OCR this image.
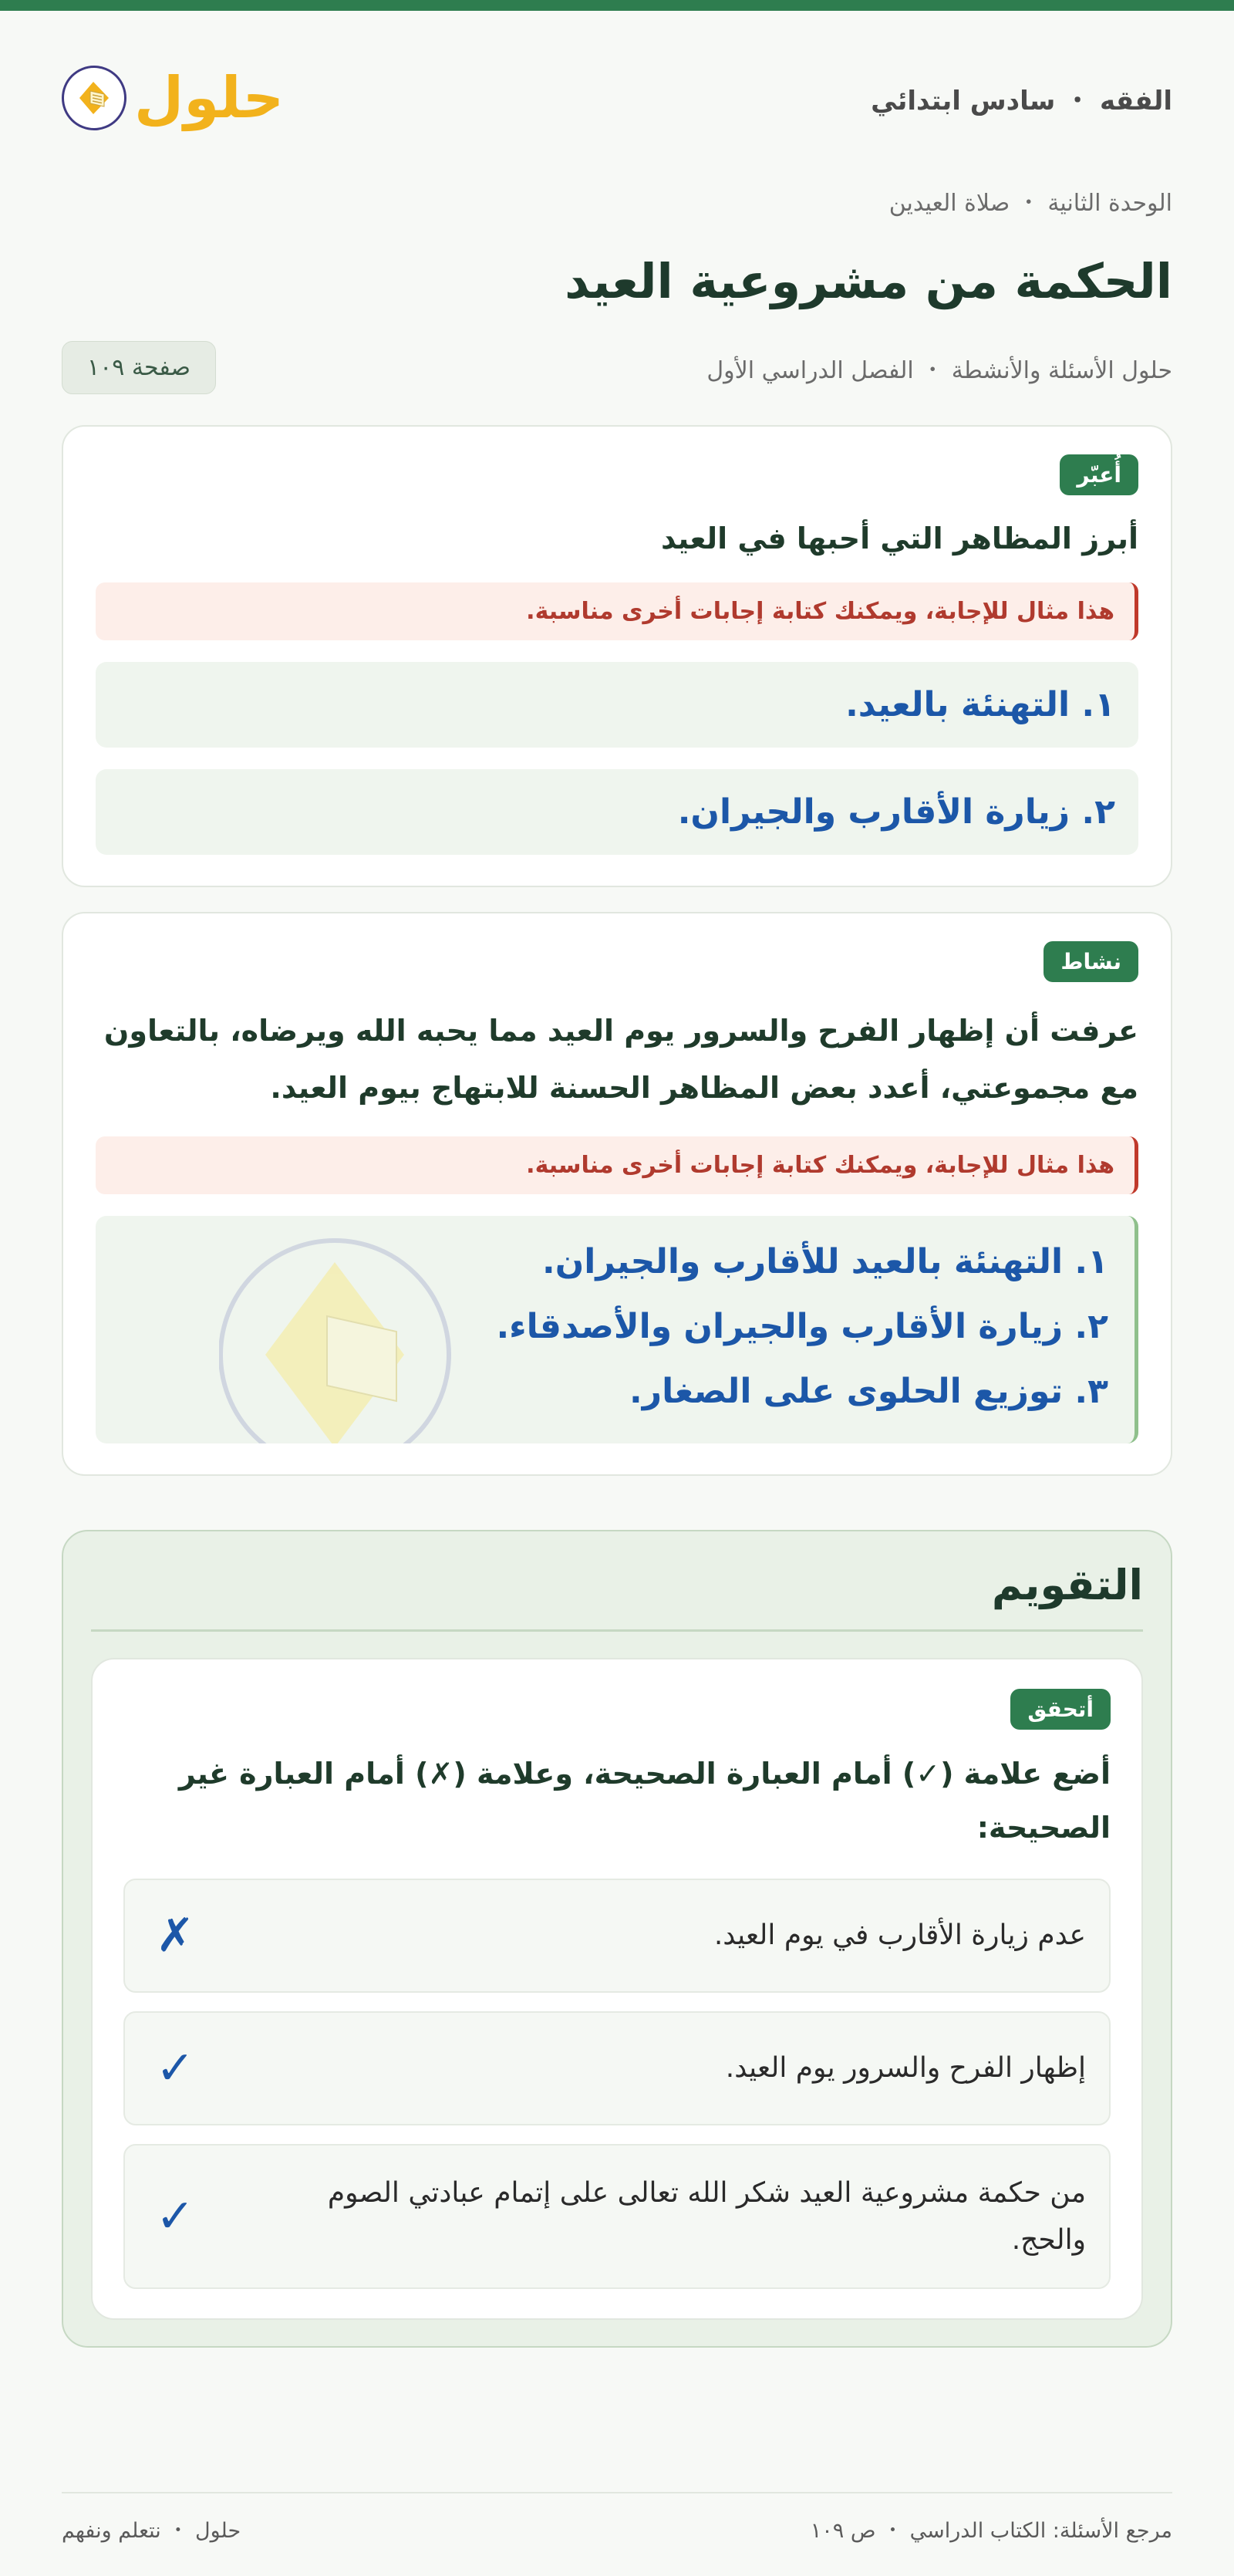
الفقه ・ سادس ابتدائي
حلول
الوحدة الثانية ・ صلاة العيدين
الحكمة من مشروعية العيد
حلول الأسئلة والأنشطة ・ الفصل الدراسي الأول
صفحة ١٠٩
أُعبّر
أبرز المظاهر التي أحبها في العيد
هذا مثال للإجابة، ويمكنك كتابة إجابات أخرى مناسبة.
١. التهنئة بالعيد.
٢. زيارة الأقارب والجيران.
نشاط
عرفت أن إظهار الفرح والسرور يوم العيد مما يحبه الله ويرضاه، بالتعاون مع مجموعتي، أعدد بعض المظاهر الحسنة للابتهاج بيوم العيد.
هذا مثال للإجابة، ويمكنك كتابة إجابات أخرى مناسبة.
١. التهنئة بالعيد للأقارب والجيران.
٢. زيارة الأقارب والجيران والأصدقاء.
٣. توزيع الحلوى على الصغار.
التقويم
أتحقق
أضع علامة (✓) أمام العبارة الصحيحة، وعلامة (✗) أمام العبارة غير الصحيحة:
عدم زيارة الأقارب في يوم العيد.
✗
إظهار الفرح والسرور يوم العيد.
✓
من حكمة مشروعية العيد شكر الله تعالى على إتمام عبادتي الصوم والحج.
✓
مرجع الأسئلة: الكتاب الدراسي ・ ص ١٠٩
حلول ・ نتعلم ونفهم
